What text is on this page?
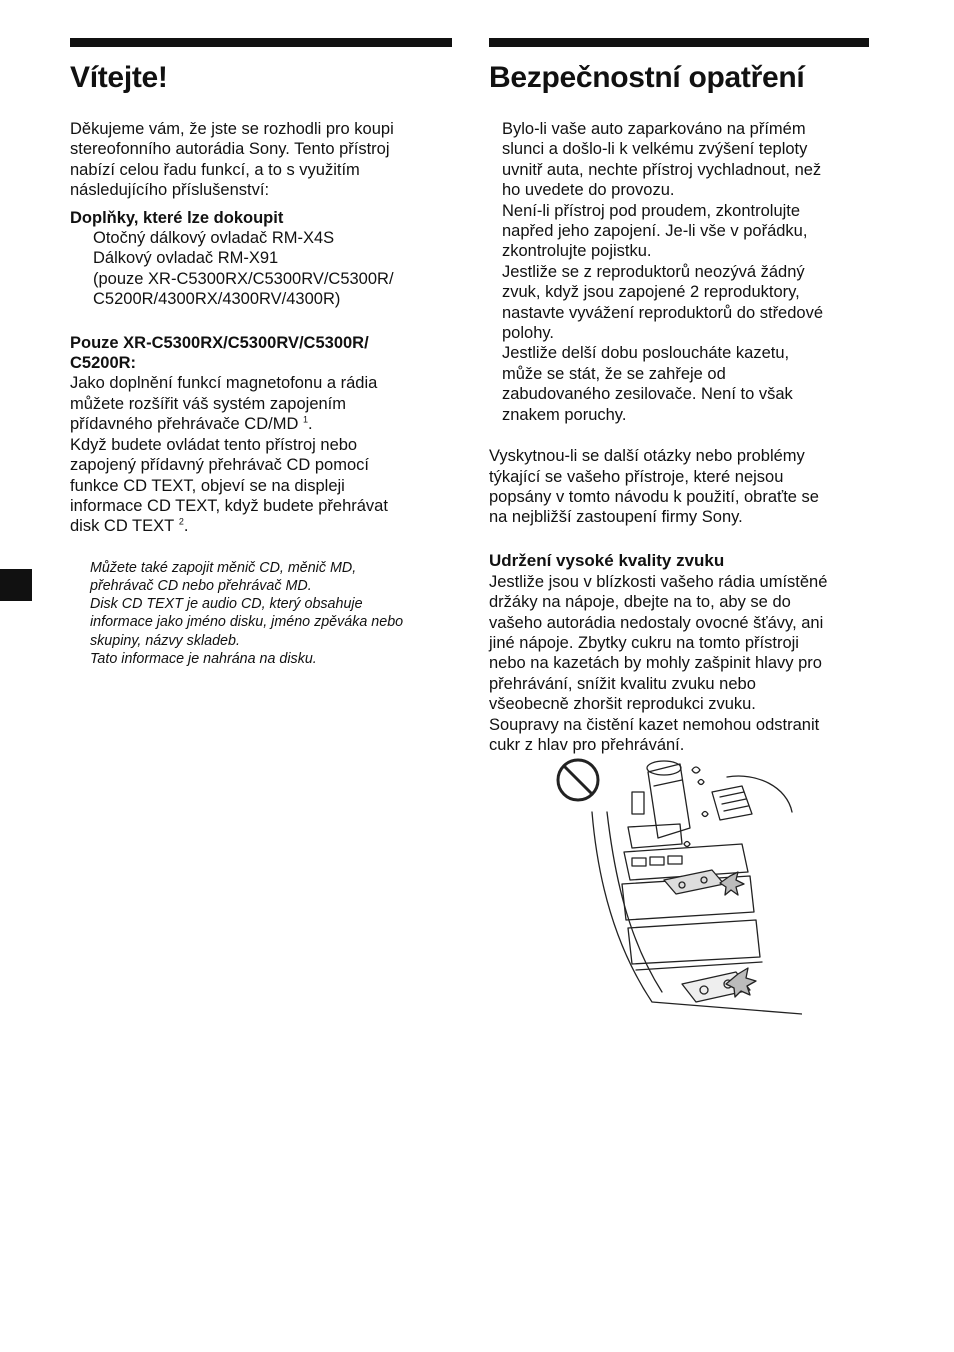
Vítejte!

Děkujeme vám, že jste se rozhodli pro koupi

stereofonního autorádia Sony. Tento přístroj

nabízí celou řadu funkcí, a to s využitím

následujícího příslušenství:

Doplňky, které lze dokoupit

Otočný dálkový ovladač RM-X4S

Dálkový ovladač RM-X91

(pouze XR-C5300RX/C5300RV/C5300R/

C5200R/4300RX/4300RV/4300R)

Pouze XR-C5300RX/C5300RV/C5300R/

C5200R:

Jako doplnění funkcí magnetofonu a rádia

můžete rozšířit váš systém zapojením

přídavného přehrávače CD/MD $^1$.

Když budete ovládat tento přístroj nebo

zapojený přídavný přehrávač CD pomocí

funkce CD TEXT, objeví se na displeji

informace CD TEXT, když budete přehrávat

disk CD TEXT $^2$.

Můžete také zapojit měnič CD, měnič MD,

přehrávač CD nebo přehrávač MD.

Disk CD TEXT je audio CD, který obsahuje

informace jako jméno disku, jméno zpěváka nebo

skupiny, názvy skladeb.

Tato informace je nahrána na disku.

Bezpečnostní opatření

Bylo-li vaše auto zaparkováno na přímém

slunci a došlo-li k velkému zvýšení teploty

uvnitř auta, nechte přístroj vychladnout, než

ho uvedete do provozu.

Není-li přístroj pod proudem, zkontrolujte

napřed jeho zapojení. Je-li vše v pořádku,

zkontrolujte pojistku.

Jestliže se z reproduktorů neozývá žádný

zvuk, když jsou zapojené 2 reproduktory,

nastavte vyvážení reproduktorů do středové

polohy.

Jestliže delší dobu posloucháte kazetu,

může se stát, že se zahřeje od

zabudovaného zesilovače. Není to však

znakem poruchy.

Vyskytnou-li se další otázky nebo problémy

týkající se vašeho přístroje, které nejsou

popsány v tomto návodu k použití, obraťte se

na nejbližší zastoupení firmy Sony.

Udržení vysoké kvality zvuku

Jestliže jsou v blízkosti vašeho rádia umístěné

držáky na nápoje, dbejte na to, aby se do

vašeho autorádia nedostaly ovocné šťávy, ani

jiné nápoje. Zbytky cukru na tomto přístroji

nebo na kazetách by mohly zašpinit hlavy pro

přehrávání, snížit kvalitu zvuku nebo

všeobecně zhoršit reprodukci zvuku.

Soupravy na čistění kazet nemohou odstranit

cukr z hlav pro přehrávání.
